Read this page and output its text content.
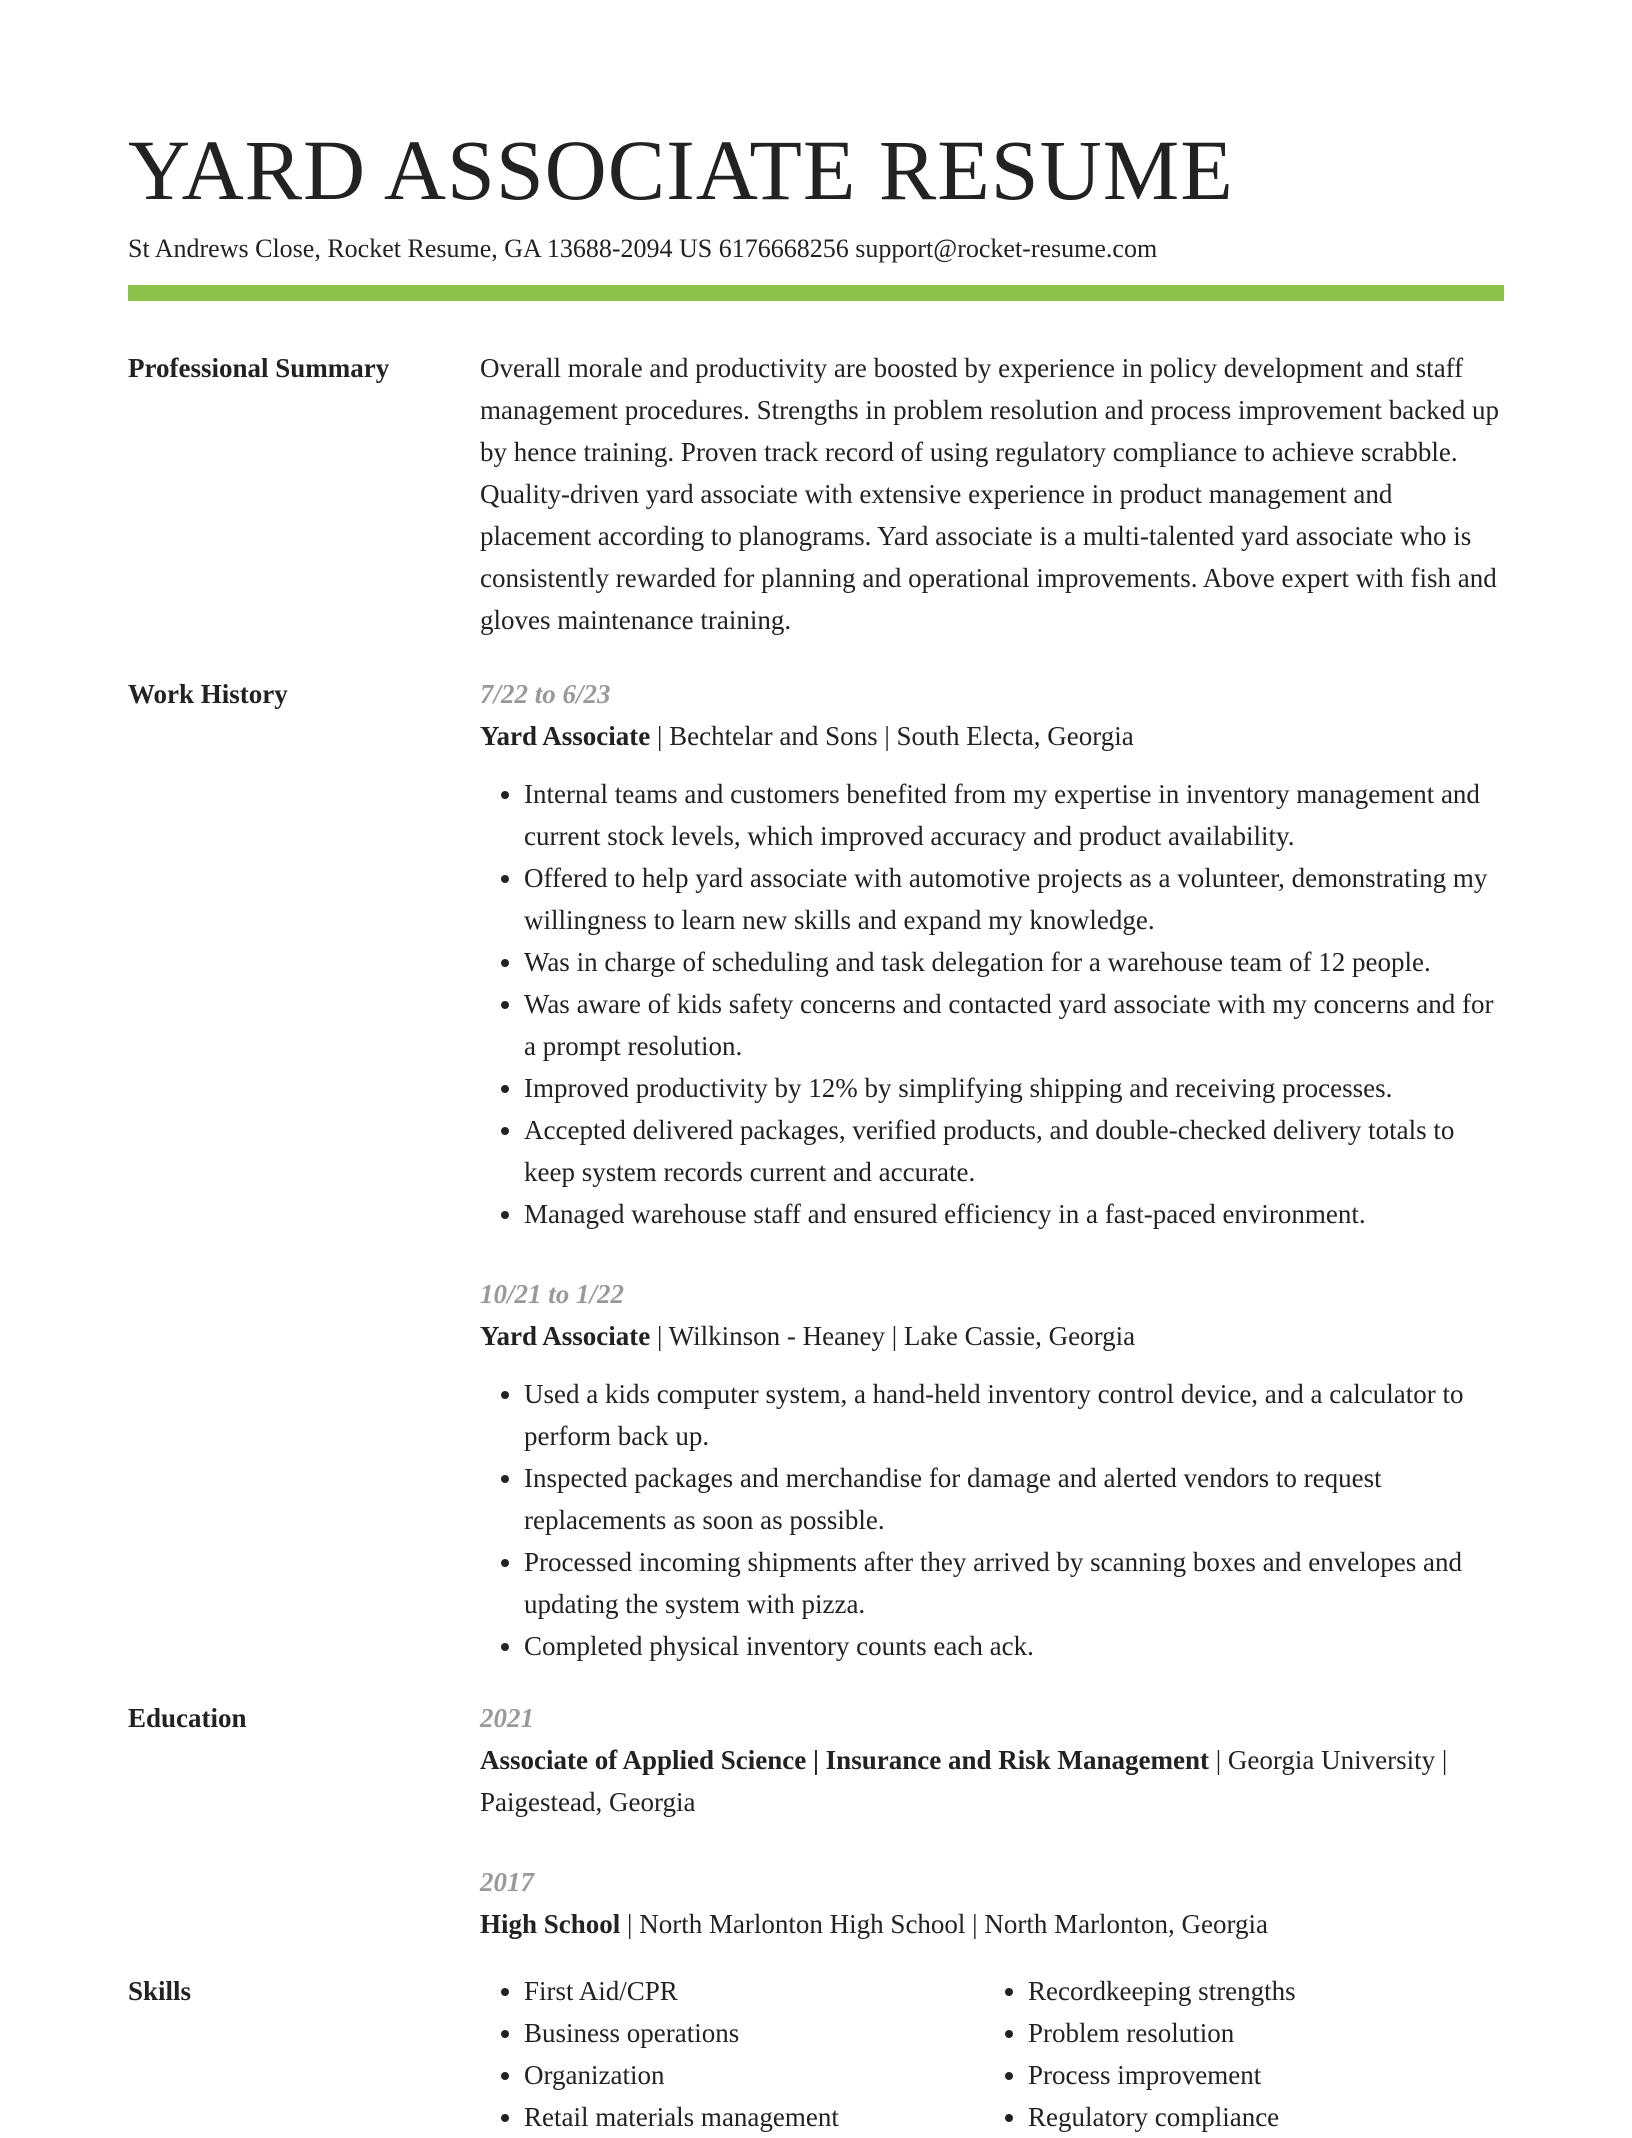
YARD ASSOCIATE RESUME

St Andrews Close, Rocket Resume, GA 13688-2094 US 6176668256 support@rocket-resume.com

Professional Summary	Overall morale and productivity are boosted by experience in policy development and staff management procedures. Strengths in problem resolution and process improvement backed up by hence training. Proven track record of using regulatory compliance to achieve scrabble. Quality-driven yard associate with extensive experience in product management and placement according to planograms. Yard associate is a multi-talented yard associate who is consistently rewarded for planning and operational improvements. Above expert with fish and gloves maintenance training.

Work History	7/22 to 6/23

Yard Associate | Bechtelar and Sons | South Electa, Georgia

• Internal teams and customers benefited from my expertise in inventory management and current stock levels, which improved accuracy and product availability.
• Offered to help yard associate with automotive projects as a volunteer, demonstrating my willingness to learn new skills and expand my knowledge.
• Was in charge of scheduling and task delegation for a warehouse team of 12 people.
• Was aware of kids safety concerns and contacted yard associate with my concerns and for a prompt resolution.
• Improved productivity by 12% by simplifying shipping and receiving processes.
• Accepted delivered packages, verified products, and double-checked delivery totals to keep system records current and accurate.
• Managed warehouse staff and ensured efficiency in a fast-paced environment.

10/21 to 1/22

Yard Associate | Wilkinson - Heaney | Lake Cassie, Georgia

• Used a kids computer system, a hand-held inventory control device, and a calculator to perform back up.
• Inspected packages and merchandise for damage and alerted vendors to request replacements as soon as possible.
• Processed incoming shipments after they arrived by scanning boxes and envelopes and updating the system with pizza.
• Completed physical inventory counts each ack.
Education	2021

Associate of Applied Science | Insurance and Risk Management | Georgia University | Paigestead, Georgia

2017

High School | North Marlonton High School | North Marlonton, Georgia

Skills
•	First Aid/CPR
• Business operations
• Organization
• Retail materials management
• Recordkeeping strengths
• Problem resolution
• Process improvement
• Regulatory compliance
